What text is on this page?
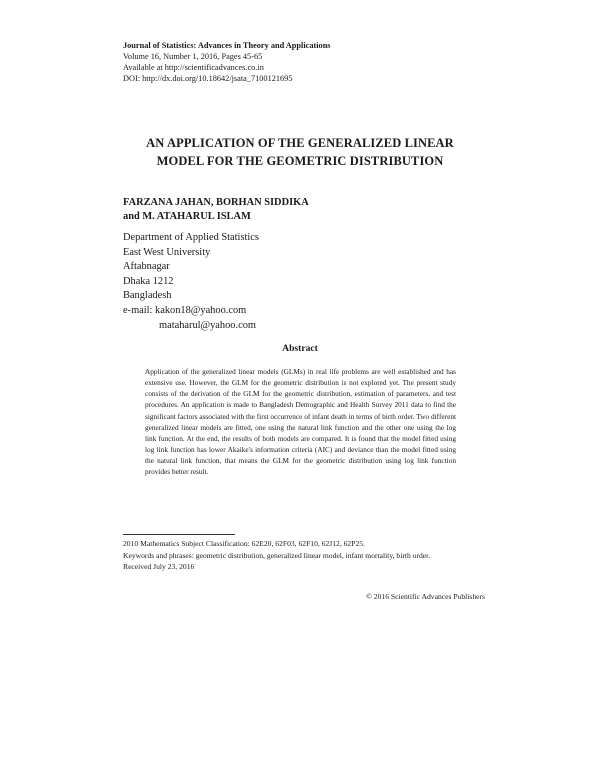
Journal of Statistics: Advances in Theory and Applications
Volume 16, Number 1, 2016, Pages 45-65
Available at http://scientificadvances.co.in
DOI: http://dx.doi.org/10.18642/jsata_7100121695
AN APPLICATION OF THE GENERALIZED LINEAR
MODEL FOR THE GEOMETRIC DISTRIBUTION
FARZANA JAHAN, BORHAN SIDDIKA
and M. ATAHARUL ISLAM
Department of Applied Statistics
East West University
Aftabnagar
Dhaka 1212
Bangladesh
e-mail: kakon18@yahoo.com
mataharul@yahoo.com
Abstract
Application of the generalized linear models (GLMs) in real life problems are well established and has extensive use. However, the GLM for the geometric distribution is not explored yet. The present study consists of the derivation of the GLM for the geometric distribution, estimation of parameters, and test procedures. An application is made to Bangladesh Demographic and Health Survey 2011 data to find the significant factors associated with the first occurrence of infant death in terms of birth order. Two different generalized linear models are fitted, one using the natural link function and the other one using the log link function. At the end, the results of both models are compared. It is found that the model fitted using log link function has lower Akaike's information criteria (AIC) and deviance than the model fitted using the natural link function, that means the GLM for the geometric distribution using log link function provides better result.
2010 Mathematics Subject Classification: 62E20, 62F03, 62F10, 62J12, 62P25.
Keywords and phrases: geometric distribution, generalized linear model, infant mortality, birth order.
Received July 23, 2016
© 2016 Scientific Advances Publishers
